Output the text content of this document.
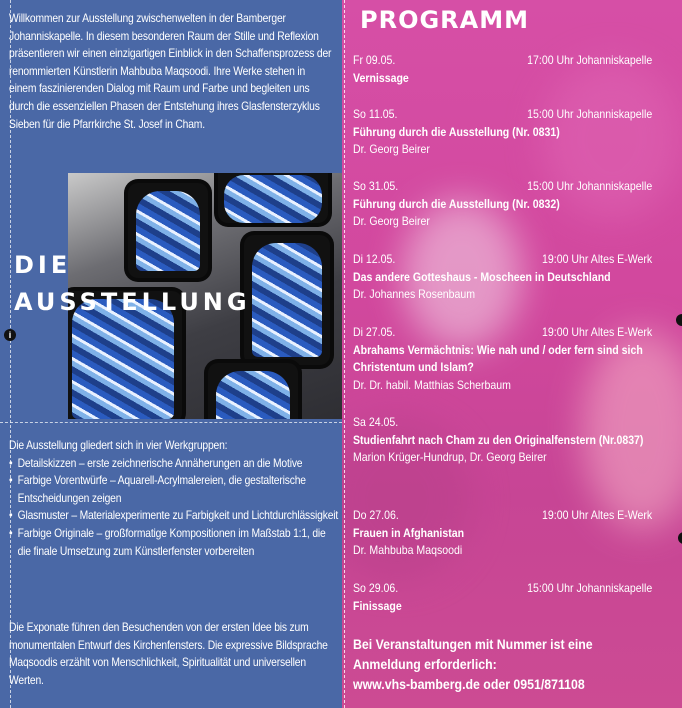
Willkommen zur Ausstellung zwischenwelten in der Bamberger Johanniskapelle. In diesem besonderen Raum der Stille und Reflexion präsentieren wir einen einzigartigen Einblick in den Schaffensprozess der renommierten Künstlerin Mahbuba Maqsoodi. Ihre Werke stehen in einem faszinierenden Dialog mit Raum und Farbe und begleiten uns durch die essenziellen Phasen der Entstehung ihres Glasfensterzyklus Sieben für die Pfarrkirche St. Josef in Cham.
DIE
AUSSTELLUNG
i
Die Ausstellung gliedert sich in vier Werkgruppen:
• Detailskizzen – erste zeichnerische Annäherungen an die Motive
• Farbige Vorentwürfe – Aquarell-Acrylmalereien, die gestalterische Entscheidungen zeigen
• Glasmuster – Materialexperimente zu Farbigkeit und Lichtdurchlässigkeit
• Farbige Originale – großformatige Kompositionen im Maßstab 1:1, die die finale Umsetzung zum Künstlerfenster vorbereiten
Die Exponate führen den Besuchenden von der ersten Idee bis zum monumentalen Entwurf des Kirchenfensters. Die expressive Bildsprache Maqsoodis erzählt von Menschlichkeit, Spiritualität und universellen Werten.
PROGRAMM
Fr 09.05.	17:00 Uhr Johanniskapelle
Vernissage
So 11.05.	15:00 Uhr Johanniskapelle
Führung durch die Ausstellung (Nr. 0831)
Dr. Georg Beirer
So 31.05.	15:00 Uhr Johanniskapelle
Führung durch die Ausstellung (Nr. 0832)
Dr. Georg Beirer
Di 12.05.	19:00 Uhr Altes E-Werk
Das andere Gotteshaus - Moscheen in Deutschland
Dr. Johannes Rosenbaum
Di 27.05.	19:00 Uhr Altes E-Werk
Abrahams Vermächtnis: Wie nah und / oder fern sind sich Christentum und Islam?
Dr. Dr. habil. Matthias Scherbaum
Sa 24.05.
Studienfahrt nach Cham zu den Originalfenstern (Nr.0837)
Marion Krüger-Hundrup, Dr. Georg Beirer
Do 27.06.	19:00 Uhr Altes E-Werk
Frauen in Afghanistan
Dr. Mahbuba Maqsoodi
So 29.06.	15:00 Uhr Johanniskapelle
Finissage
Bei Veranstaltungen mit Nummer ist eine
Anmeldung erforderlich:
www.vhs-bamberg.de oder 0951/871108
